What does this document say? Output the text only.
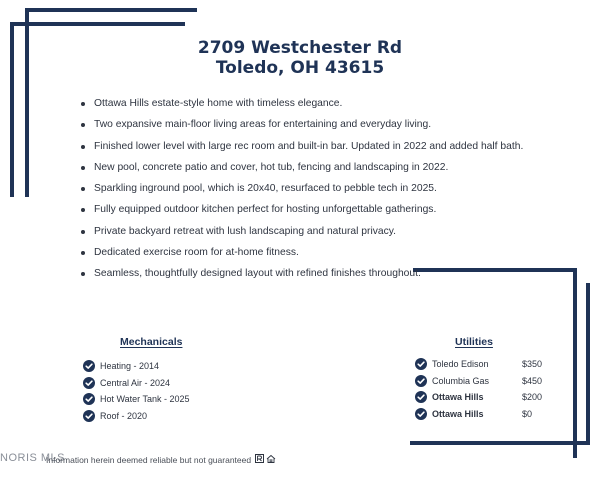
2709 Westchester Rd
Toledo, OH 43615
Ottawa Hills estate-style home with timeless elegance.
Two expansive main-floor living areas for entertaining and everyday living.
Finished lower level with large rec room and built-in bar. Updated in 2022 and added half bath.
New pool, concrete patio and cover, hot tub, fencing and landscaping in 2022.
Sparkling inground pool, which is 20x40, resurfaced to pebble tech in 2025.
Fully equipped outdoor kitchen perfect for hosting unforgettable gatherings.
Private backyard retreat with lush landscaping and natural privacy.
Dedicated exercise room for at-home fitness.
Seamless, thoughtfully designed layout with refined finishes throughout.
Mechanicals
Heating - 2014
Central Air - 2024
Hot Water Tank - 2025
Roof - 2020
Utilities
Toledo Edison	$350
Columbia Gas	$450
Ottawa Hills	$200
Ottawa Hills	$0
NORIS MLS
Information herein deemed reliable but not guaranteed
